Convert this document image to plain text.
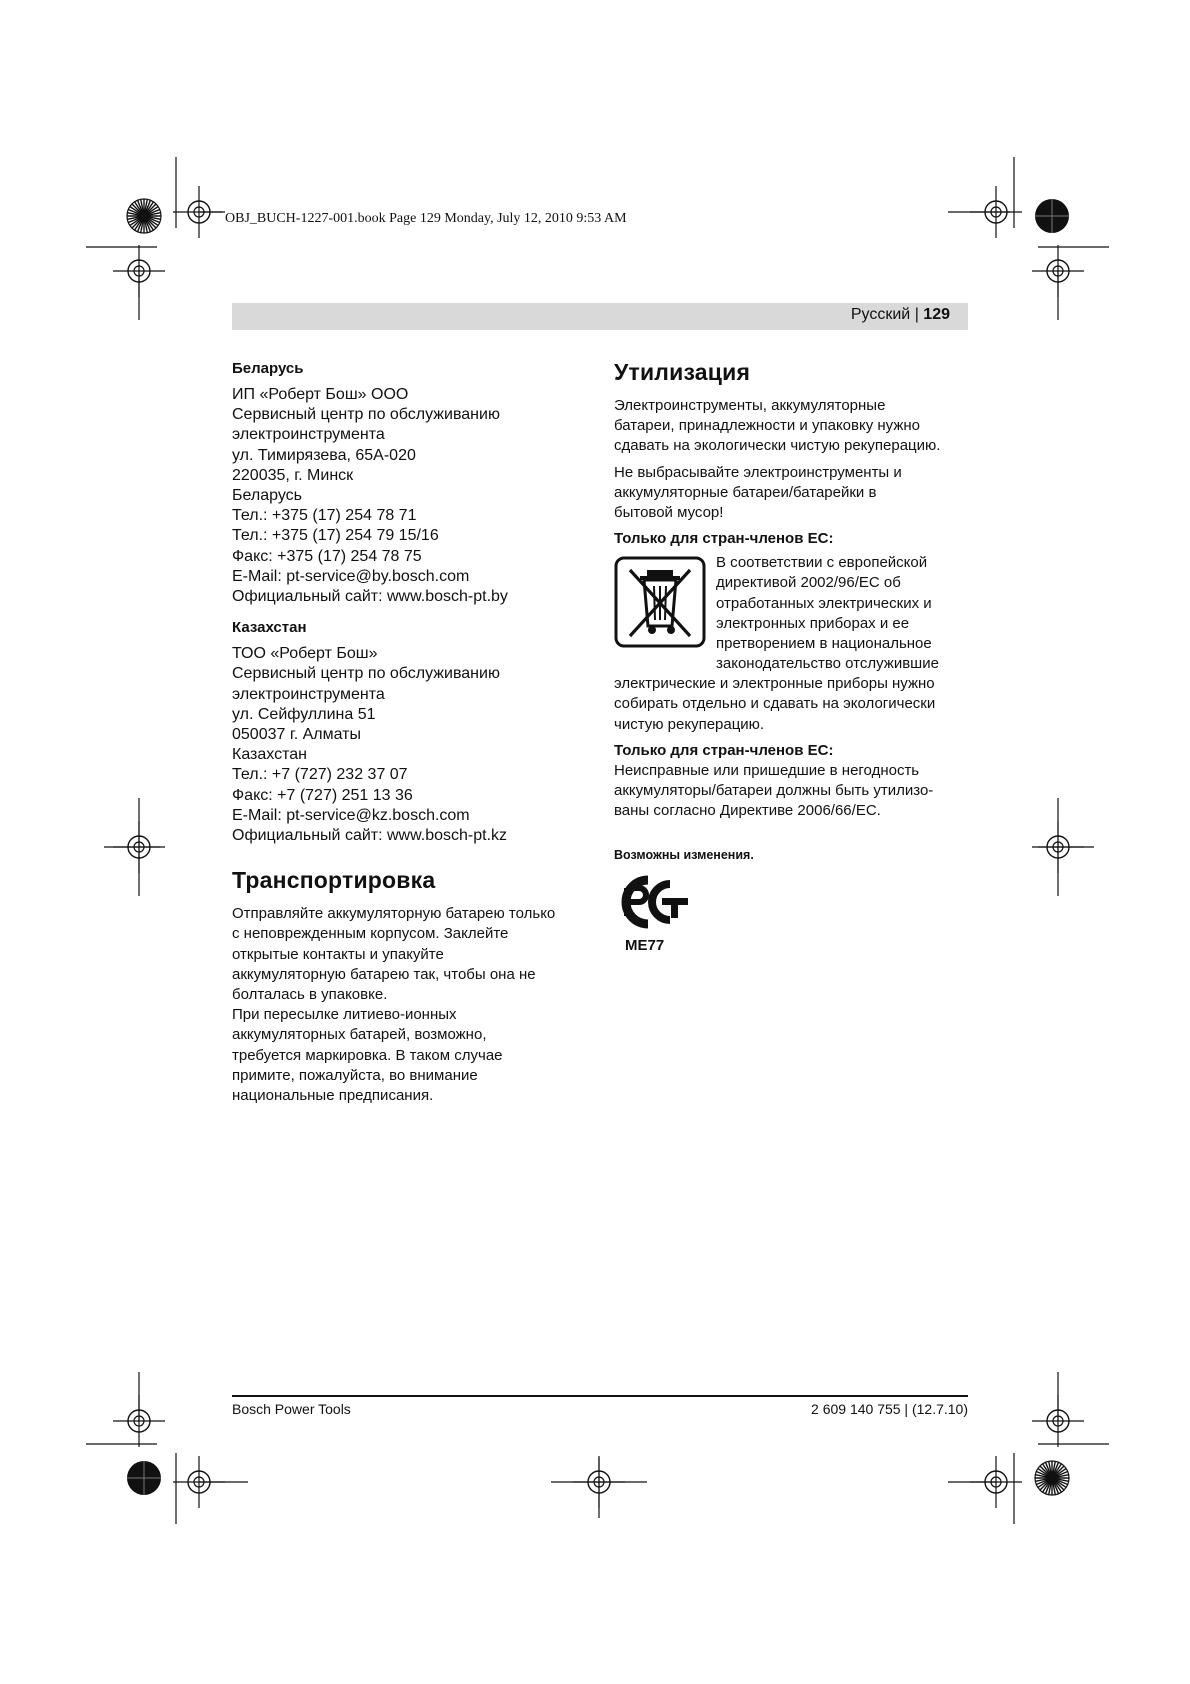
OBJ_BUCH-1227-001.book Page 129 Monday, July 12, 2010 9:53 AM
Русский | 129
Беларусь
ИП «Роберт Бош» ООО
Сервисный центр по обслуживанию
электроинструмента
ул. Тимирязева, 65А-020
220035, г. Минск
Беларусь
Тел.: +375 (17) 254 78 71
Тел.: +375 (17) 254 79 15/16
Факс: +375 (17) 254 78 75
E-Mail: pt-service@by.bosch.com
Официальный сайт: www.bosch-pt.by
Казахстан
ТОО «Роберт Бош»
Сервисный центр по обслуживанию
электроинструмента
ул. Сейфуллина 51
050037 г. Алматы
Казахстан
Тел.: +7 (727) 232 37 07
Факс: +7 (727) 251 13 36
E-Mail: pt-service@kz.bosch.com
Официальный сайт: www.bosch-pt.kz
Транспортировка
Отправляйте аккумуляторную батарею только
с неповрежденным корпусом. Заклейте
открытые контакты и упакуйте
аккумуляторную батарею так, чтобы она не
болталась в упаковке.
При пересылке литиево-ионных
аккумуляторных батарей, возможно,
требуется маркировка. В таком случае
примите, пожалуйста, во внимание
национальные предписания.
Утилизация
Электроинструменты, аккумуляторные
батареи, принадлежности и упаковку нужно
сдавать на экологически чистую рекуперацию.
Не выбрасывайте электроинструменты и
аккумуляторные батареи/батарейки в
бытовой мусор!
Только для стран-членов ЕС:
В соответствии с европейской
директивой 2002/96/ЕС об
отработанных электрических и
электронных приборах и ее
претворением в национальное
законодательство отслужившие
электрические и электронные приборы нужно
собирать отдельно и сдавать на экологически
чистую рекуперацию.
Только для стран-членов ЕС:
Неисправные или пришедшие в негодность
аккумуляторы/батареи должны быть утилизо-
ваны согласно Директиве 2006/66/ЕС.
Возможны изменения.
ME77
Bosch Power Tools	2 609 140 755 | (12.7.10)
